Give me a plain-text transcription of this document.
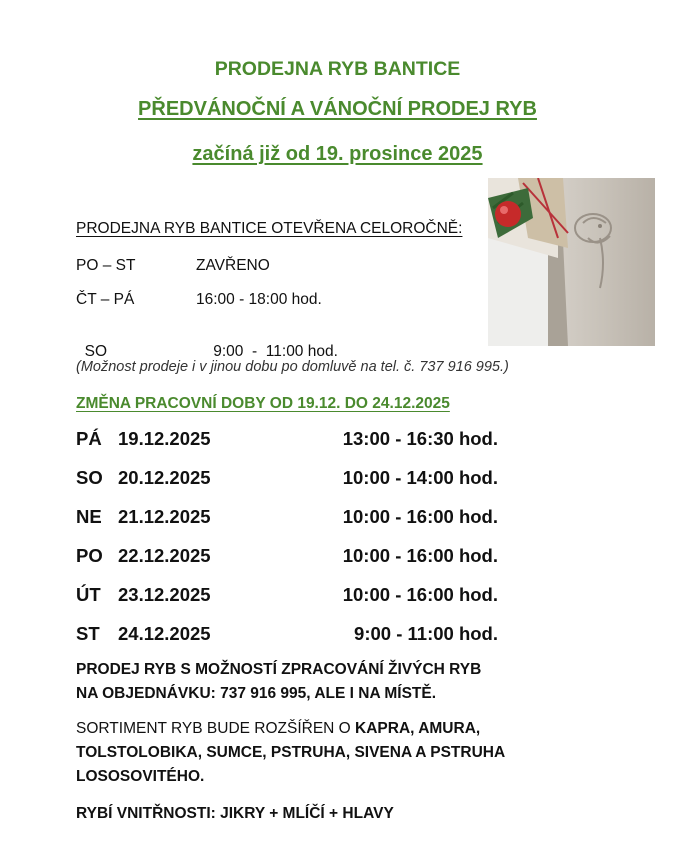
PRODEJNA RYB BANTICE
PŘEDVÁNOČNÍ A VÁNOČNÍ PRODEJ RYB
začíná již od 19. prosince 2025
PRODEJNA RYB BANTICE OTEVŘENA CELOROČNĚ:
PO – ST	ZAVŘENO
ČT – PÁ	16:00 - 18:00 hod.

SO	9:00  -  11:00 hod.

(Možnost prodeje i v jinou dobu po domluvě na tel. č. 737 916 995.)
ZMĚNA PRACOVNÍ DOBY OD 19.12. DO 24.12.2025
PÁ 19.12.2025	13:00 - 16:30 hod.
SO 20.12.2025	10:00 - 14:00 hod.
NE 21.12.2025	10:00 - 16:00 hod.
PO 22.12.2025	10:00 - 16:00 hod.
ÚT 23.12.2025	10:00 - 16:00 hod.
ST 24.12.2025	9:00 - 11:00 hod.
PRODEJ RYB S MOŽNOSTÍ ZPRACOVÁNÍ ŽIVÝCH RYB
NA OBJEDNÁVKU: 737 916 995, ALE I NA MÍSTĚ.
SORTIMENT RYB BUDE ROZŠÍŘEN O KAPRA, AMURA,
TOLSTOLOBIKA, SUMCE, PSTRUHA, SIVENA A PSTRUHA
LOSOSOVITÉHO.
RYBÍ VNITŘNOSTI: JIKRY + MLÍČÍ + HLAVY
